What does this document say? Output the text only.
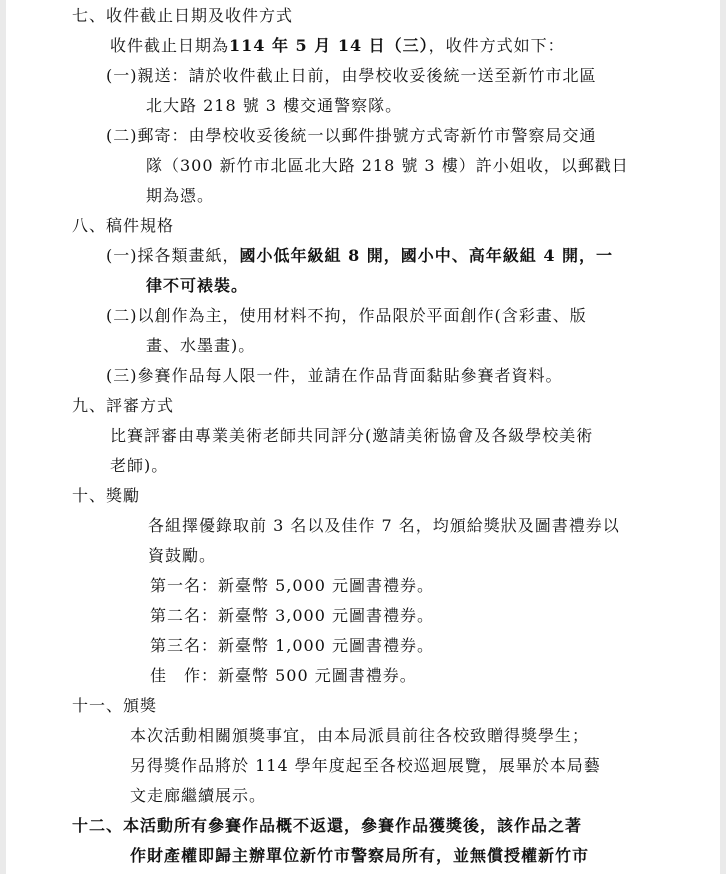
七、收件截止日期及收件方式
收件截止日期為114 年 5 月 14 日（三），收件方式如下：
(一)親送：請於收件截止日前，由學校收妥後統一送至新竹市北區
北大路 218 號 3 樓交通警察隊。
(二)郵寄：由學校收妥後統一以郵件掛號方式寄新竹市警察局交通
隊（300 新竹市北區北大路 218 號 3 樓）許小姐收，以郵戳日
期為憑。
八、稿件規格
(一)採各類畫紙，國小低年級組 8 開，國小中、高年級組 4 開，一
律不可裱裝。
(二)以創作為主，使用材料不拘，作品限於平面創作(含彩畫、版
畫、水墨畫)。
(三)參賽作品每人限一件，並請在作品背面黏貼參賽者資料。
九、評審方式
比賽評審由專業美術老師共同評分(邀請美術協會及各級學校美術
老師)。
十、獎勵
各組擇優錄取前 3 名以及佳作 7 名，均頒給獎狀及圖書禮券以
資鼓勵。
第一名：新臺幣 5,000 元圖書禮券。
第二名：新臺幣 3,000 元圖書禮券。
第三名：新臺幣 1,000 元圖書禮券。
佳　作：新臺幣 500 元圖書禮券。
十一、頒獎
本次活動相關頒獎事宜，由本局派員前往各校致贈得獎學生；
另得獎作品將於 114 學年度起至各校巡迴展覽，展畢於本局藝
文走廊繼續展示。
十二、本活動所有參賽作品概不返還，參賽作品獲獎後，該作品之著
作財產權即歸主辦單位新竹市警察局所有，並無償授權新竹市
